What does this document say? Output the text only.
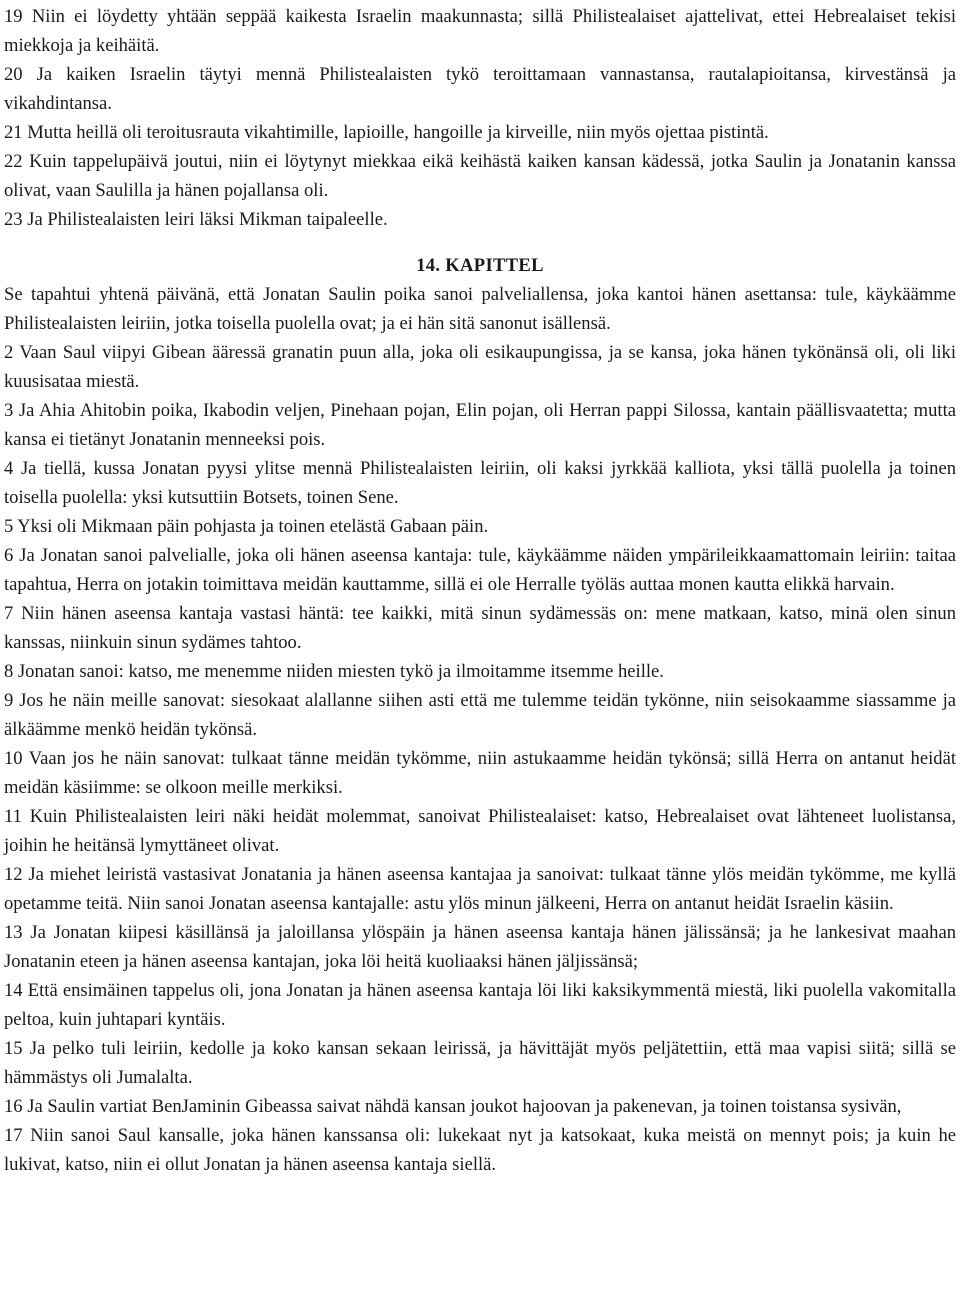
19 Niin ei löydetty yhtään seppää kaikesta Israelin maakunnasta; sillä Philistealaiset ajattelivat, ettei Hebrealaiset tekisi miekkoja ja keihäitä.

20 Ja kaiken Israelin täytyi mennä Philistealaisten tykö teroittamaan vannastansa, rautalapioitansa, kirvestänsä ja vikahdintansa.

21 Mutta heillä oli teroitusrauta vikahtimille, lapioille, hangoille ja kirveille, niin myös ojettaa pistintä.

22 Kuin tappelupäivä joutui, niin ei löytynyt miekkaa eikä keihästä kaiken kansan kädessä, jotka Saulin ja Jonatanin kanssa olivat, vaan Saulilla ja hänen pojallansa oli.

23 Ja Philistealaisten leiri läksi Mikman taipaleelle.

14. KAPITTEL

Se tapahtui yhtenä päivänä, että Jonatan Saulin poika sanoi palveliallensa, joka kantoi hänen asettansa: tule, käykäämme Philistealaisten leiriin, jotka toisella puolella ovat; ja ei hän sitä sanonut isällensä.

2 Vaan Saul viipyi Gibean ääressä granatin puun alla, joka oli esikaupungissa, ja se kansa, joka hänen tykönänsä oli, oli liki kuusisataa miestä.

3 Ja Ahia Ahitobin poika, Ikabodin veljen, Pinehaan pojan, Elin pojan, oli Herran pappi Silossa, kantain päällisvaatetta; mutta kansa ei tietänyt Jonatanin menneeksi pois.

4 Ja tiellä, kussa Jonatan pyysi ylitse mennä Philistealaisten leiriin, oli kaksi jyrkkää kalliota, yksi tällä puolella ja toinen toisella puolella: yksi kutsuttiin Botsets, toinen Sene.

5 Yksi oli Mikmaan päin pohjasta ja toinen etelästä Gabaan päin.

6 Ja Jonatan sanoi palvelialle, joka oli hänen aseensa kantaja: tule, käykäämme näiden ympärileikkaamattomain leiriin: taitaa tapahtua, Herra on jotakin toimittava meidän kauttamme, sillä ei ole Herralle työläs auttaa monen kautta elikkä harvain.

7 Niin hänen aseensa kantaja vastasi häntä: tee kaikki, mitä sinun sydämessäs on: mene matkaan, katso, minä olen sinun kanssas, niinkuin sinun sydämes tahtoo.

8 Jonatan sanoi: katso, me menemme niiden miesten tykö ja ilmoitamme itsemme heille.

9 Jos he näin meille sanovat: siesokaat alallanne siihen asti että me tulemme teidän tykönne, niin seisokaamme siassamme ja älkäämme menkö heidän tykönsä.

10 Vaan jos he näin sanovat: tulkaat tänne meidän tykömme, niin astukaamme heidän tykönsä; sillä Herra on antanut heidät meidän käsiimme: se olkoon meille merkiksi.

11 Kuin Philistealaisten leiri näki heidät molemmat, sanoivat Philistealaiset: katso, Hebrealaiset ovat lähteneet luolistansa, joihin he heitänsä lymyttäneet olivat.

12 Ja miehet leiristä vastasivat Jonatania ja hänen aseensa kantajaa ja sanoivat: tulkaat tänne ylös meidän tykömme, me kyllä opetamme teitä. Niin sanoi Jonatan aseensa kantajalle: astu ylös minun jälkeeni, Herra on antanut heidät Israelin käsiin.

13 Ja Jonatan kiipesi käsillänsä ja jaloillansa ylöspäin ja hänen aseensa kantaja hänen jälissänsä; ja he lankesivat maahan Jonatanin eteen ja hänen aseensa kantajan, joka löi heitä kuoliaaksi hänen jäljissänsä;

14 Että ensimäinen tappelus oli, jona Jonatan ja hänen aseensa kantaja löi liki kaksikymmentä miestä, liki puolella vakomitalla peltoa, kuin juhtapari kyntäis.

15 Ja pelko tuli leiriin, kedolle ja koko kansan sekaan leirissä, ja hävittäjät myös peljätettiin, että maa vapisi siitä; sillä se hämmästys oli Jumalalta.

16 Ja Saulin vartiat BenJaminin Gibeassa saivat nähdä kansan joukot hajoovan ja pakenevan, ja toinen toistansa sysivän,

17 Niin sanoi Saul kansalle, joka hänen kanssansa oli: lukekaat nyt ja katsokaat, kuka meistä on mennyt pois; ja kuin he lukivat, katso, niin ei ollut Jonatan ja hänen aseensa kantaja siellä.
